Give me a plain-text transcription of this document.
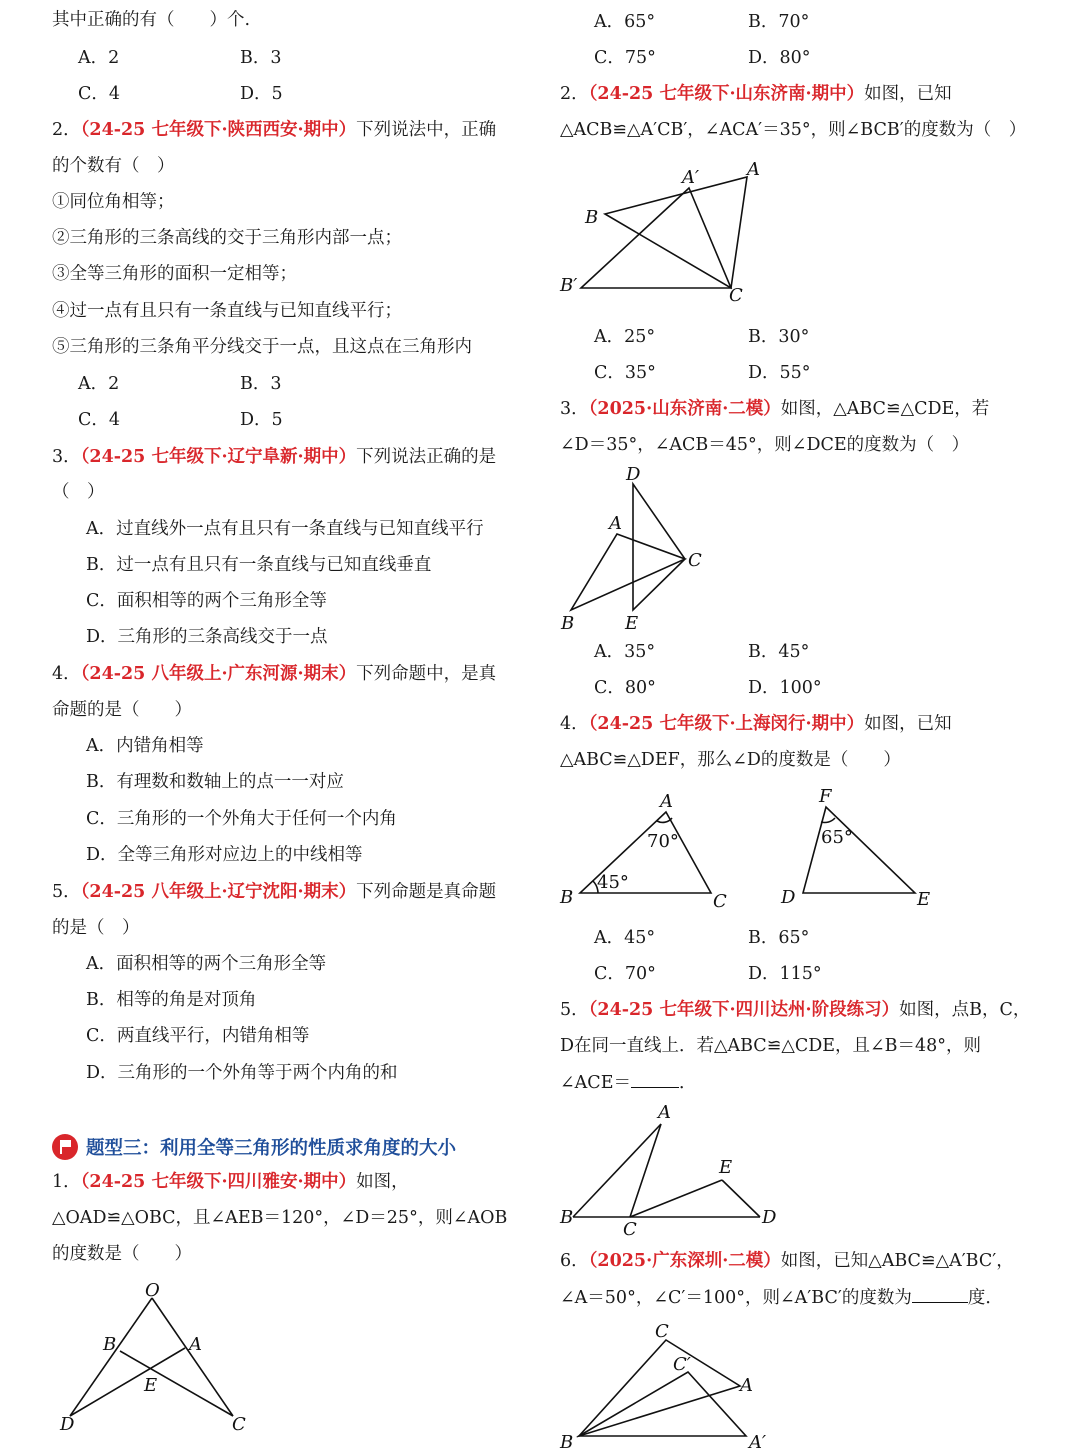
其中正确的有（　　）个.
A．2	B．3
C．4	D．5
2．（24-25 七年级下·陕西西安·期中）下列说法中，正确
的个数有（　）
①同位角相等；
②三角形的三条高线的交于三角形内部一点；
③全等三角形的面积一定相等；
④过一点有且只有一条直线与已知直线平行；
⑤三角形的三条角平分线交于一点，且这点在三角形内
A．2	B．3
C．4	D．5
3．（24-25 七年级下·辽宁阜新·期中）下列说法正确的是
（　）
A．过直线外一点有且只有一条直线与已知直线平行
B．过一点有且只有一条直线与已知直线垂直
C．面积相等的两个三角形全等
D．三角形的三条高线交于一点
4．（24-25 八年级上·广东河源·期末）下列命题中，是真
命题的是（　　）
A．内错角相等
B．有理数和数轴上的点一一对应
C．三角形的一个外角大于任何一个内角
D．全等三角形对应边上的中线相等
5．（24-25 八年级上·辽宁沈阳·期末）下列命题是真命题
的是（　）
A．面积相等的两个三角形全等
B．相等的角是对顶角
C．两直线平行，内错角相等
D．三角形的一个外角等于两个内角的和
题型三：利用全等三角形的性质求角度的大小
1．（24-25 七年级下·四川雅安·期中）如图，
△OAD≌△OBC，且∠AEB＝120°，∠D＝25°，则∠AOB
的度数是（　　）
O
B	A
E
D	C
A．65°	B．70°
C．75°	D．80°
2．（24-25 七年级下·山东济南·期中）如图，已知
△ACB≌△A′CB′，∠ACA′＝35°，则∠BCB′的度数为（　）
A′	A
B
B′	C
A．25°	B．30°
C．35°	D．55°
3．（2025·山东济南·二模）如图，△ABC≌△CDE，若
∠D＝35°，∠ACB＝45°，则∠DCE的度数为（　）
D
A
C
B	E
A．35°	B．45°
C．80°	D．100°
4．（24-25 七年级下·上海闵行·期中）如图，已知
△ABC≌△DEF，那么∠D的度数是（　　）
A
B	C
70°
45°
F
D	E
65°
A．45°	B．65°
C．70°	D．115°
5．（24-25 七年级下·四川达州·阶段练习）如图，点B，C，
D在同一直线上．若△ABC≌△CDE，且∠B＝48°，则
∠ACE＝	．
A
E
B
C
D
6．（2025·广东深圳·二模）如图，已知△ABC≌△A′BC′，
∠A＝50°，∠C′＝100°，则∠A′BC′的度数为	度．
C
C′
A
B	A′
